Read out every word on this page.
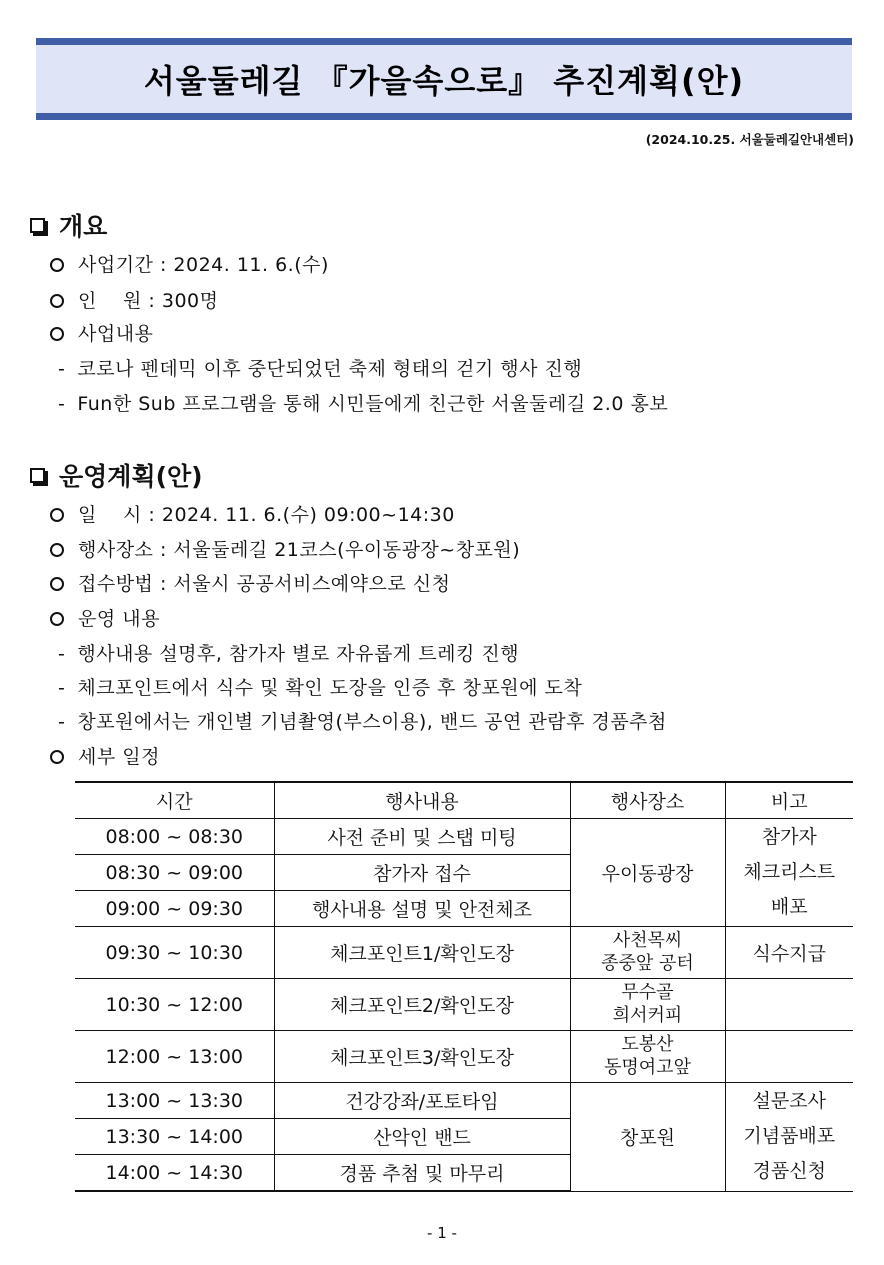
서울둘레길 『가을속으로』 추진계획(안)
(2024.10.25. 서울둘레길안내센터)
개요
사업기간 : 2024. 11. 6.(수)
인    원 : 300명
사업내용
- 코로나 펜데믹 이후 중단되었던 축제 형태의 걷기 행사 진행
- Fun한 Sub 프로그램을 통해 시민들에게 친근한 서울둘레길 2.0 홍보
운영계획(안)
일    시 : 2024. 11. 6.(수) 09:00~14:30
행사장소 : 서울둘레길 21코스(우이동광장~창포원)
접수방법 : 서울시 공공서비스예약으로 신청
운영 내용
- 행사내용 설명후, 참가자 별로 자유롭게 트레킹 진행
- 체크포인트에서 식수 및 확인 도장을 인증 후 창포원에 도착
- 창포원에서는 개인별 기념촬영(부스이용), 밴드 공연 관람후 경품추첨
세부 일정
시간	행사내용	행사장소	비고
08:00 ~ 08:30	사전 준비 및 스탭 미팅	우이동광장	참가자
체크리스트
배포

08:30 ~ 09:00	참가자 접수		
09:00 ~ 09:30	행사내용 설명 및 안전체조		
09:30 ~ 10:30	체크포인트1/확인도장	사천목씨
종중앞 공터	식수지급
10:30 ~ 12:00	체크포인트2/확인도장	무수골
희서커피	

12:00 ~ 13:00	체크포인트3/확인도장	도봉산
동명여고앞	

13:00 ~ 13:30	건강강좌/포토타임	창포원	설문조사
기념품배포
경품신청

13:30 ~ 14:00	산악인 밴드		
14:00 ~ 14:30	경품 추첨 및 마무리		
- 1 -
